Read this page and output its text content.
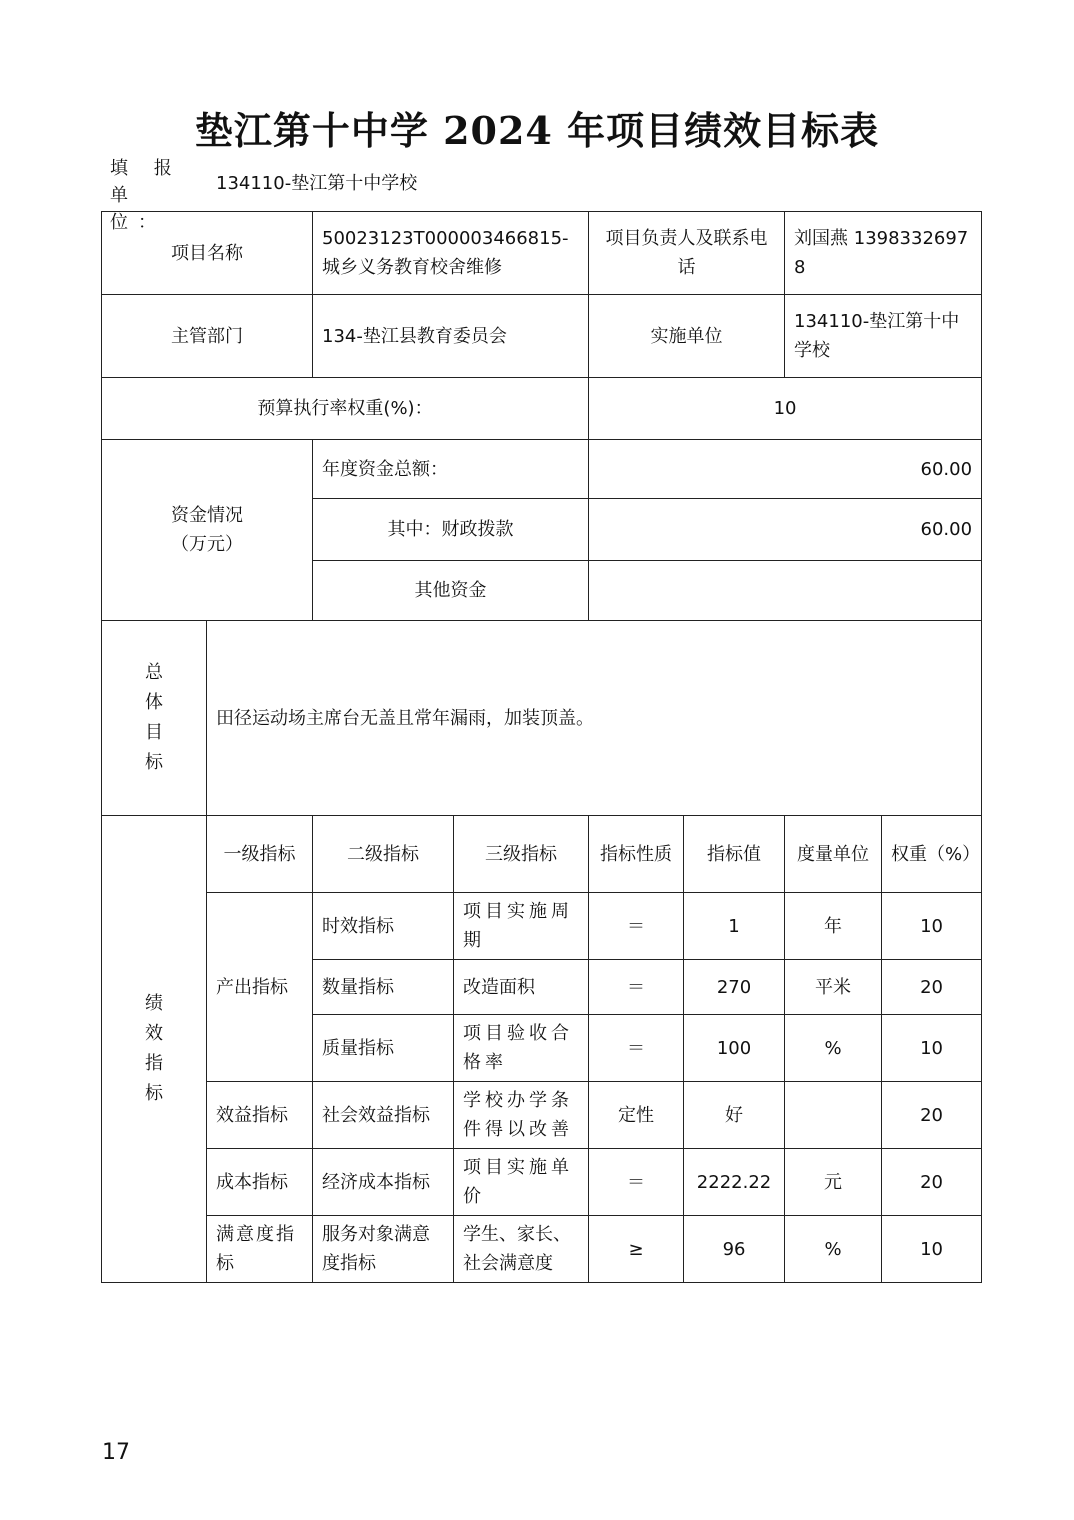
垫江第十中学 2024 年项目绩效目标表
填 报 单 位：
134110-垫江第十中学校
项目名称		50023123T000003466815-城乡义务教育校舍维修		项目负责人及联系电话		刘国燕 13983326978	
主管部门		134-垫江县教育委员会		实施单位		134110-垫江第十中学校	
预算执行率权重(%)：				10			

资金情况
（万元）		年度资金总额：		60.00			
		其中：财政拨款		60.00			
		其他资金					

总
体
目
标	田径运动场主席台无盖且常年漏雨，加装顶盖。						

绩
效
指
标	一级指标	二级指标	三级指标	指标性质	指标值	度量单位	权重（%）
	产出指标	时效指标	项目实施周期	＝	1	年	10
		数量指标	改造面积	＝	270	平米	20
		质量指标	项目验收合格率	＝	100	%	10
	效益指标	社会效益指标	学校办学条件得以改善	定性	好		20
	成本指标	经济成本指标	项目实施单价	＝	2222.22	元	20
	满意度指标	服务对象满意度指标	学生、家长、社会满意度	≥	96	%	10
17
